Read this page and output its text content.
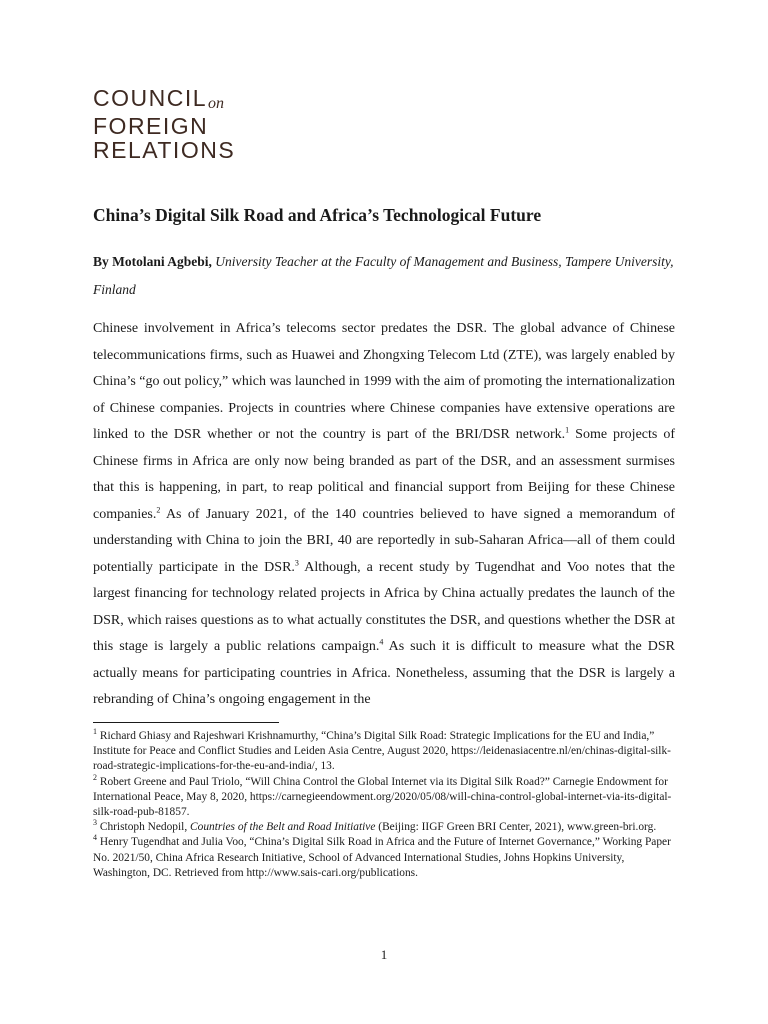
COUNCILon
FOREIGN
RELATIONS
China’s Digital Silk Road and Africa’s Technological Future
By Motolani Agbebi, University Teacher at the Faculty of Management and Business, Tampere University, Finland

Chinese involvement in Africa’s telecoms sector predates the DSR. The global advance of Chinese telecommunications firms, such as Huawei and Zhongxing Telecom Ltd (ZTE), was largely enabled by China’s “go out policy,” which was launched in 1999 with the aim of promoting the internationalization of Chinese companies. Projects in countries where Chinese companies have extensive operations are linked to the DSR whether or not the country is part of the BRI/DSR network.$^1$ Some projects of Chinese firms in Africa are only now being branded as part of the DSR, and an assessment surmises that this is happening, in part, to reap political and financial support from Beijing for these Chinese companies.$^2$ As of January 2021, of the 140 countries believed to have signed a memorandum of understanding with China to join the BRI, 40 are reportedly in sub-Saharan Africa—all of them could potentially participate in the DSR.$^3$ Although, a recent study by Tugendhat and Voo notes that the largest financing for technology related projects in Africa by China actually predates the launch of the DSR, which raises questions as to what actually constitutes the DSR, and questions whether the DSR at this stage is largely a public relations campaign.$^4$ As such it is difficult to measure what the DSR actually means for participating countries in Africa. Nonetheless, assuming that the DSR is largely a rebranding of China’s ongoing engagement in the

$^1$ Richard Ghiasy and Rajeshwari Krishnamurthy, “China’s Digital Silk Road: Strategic Implications for the EU and India,” Institute for Peace and Conflict Studies and Leiden Asia Centre, August 2020, https://leidenasiacentre.nl/en/chinas-digital-silk-road-strategic-implications-for-the-eu-and-india/, 13.

$^2$ Robert Greene and Paul Triolo, “Will China Control the Global Internet via its Digital Silk Road?” Carnegie Endowment for International Peace, May 8, 2020, https://carnegieendowment.org/2020/05/08/will-china-control-global-internet-via-its-digital-silk-road-pub-81857.

$^3$ Christoph Nedopil, Countries of the Belt and Road Initiative (Beijing: IIGF Green BRI Center, 2021), www.green-bri.org.

$^4$ Henry Tugendhat and Julia Voo, “China’s Digital Silk Road in Africa and the Future of Internet Governance,” Working Paper No. 2021/50, China Africa Research Initiative, School of Advanced International Studies, Johns Hopkins University, Washington, DC. Retrieved from http://www.sais-cari.org/publications.

1
